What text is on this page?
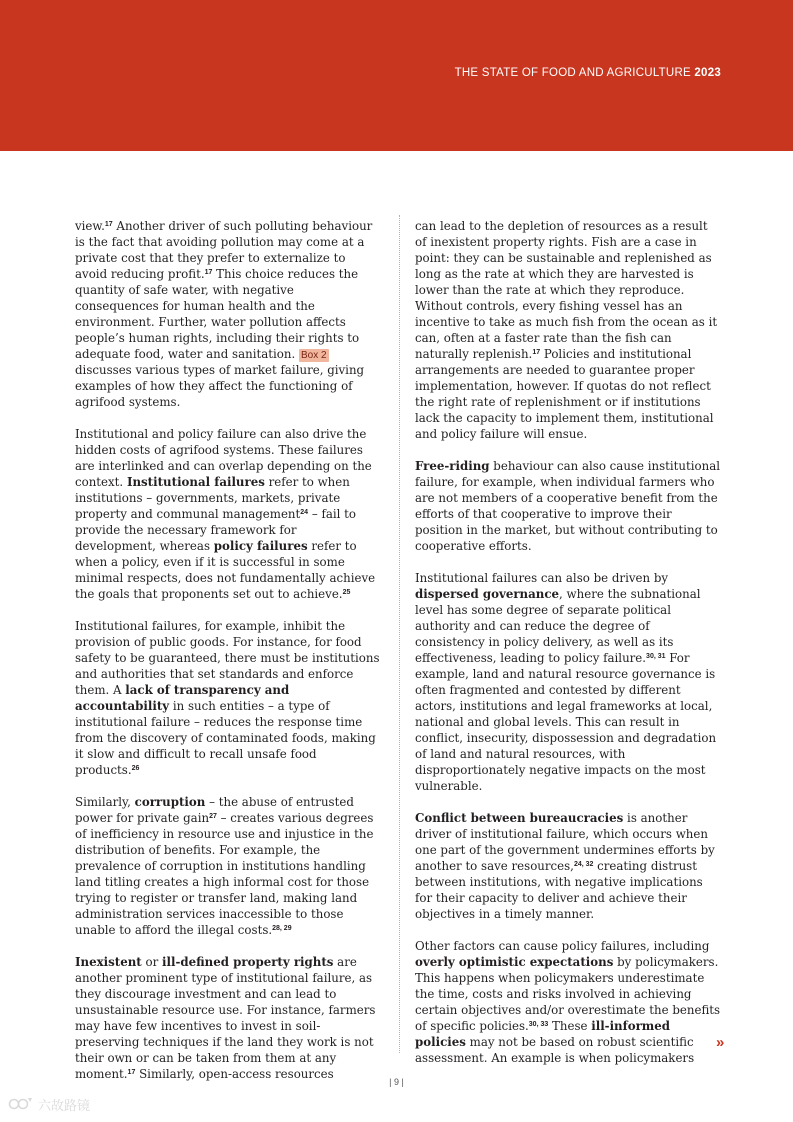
THE STATE OF FOOD AND AGRICULTURE 2023

view.$^{17}$ Another driver of such polluting behaviour is the fact that avoiding pollution may come at a private cost that they prefer to externalize to avoid reducing profit.$^{17}$ This choice reduces the quantity of safe water, with negative consequences for human health and the environment. Further, water pollution affects people’s human rights, including their rights to adequate food, water and sanitation. Box 2 discusses various types of market failure, giving examples of how they affect the functioning of agrifood systems.

Institutional and policy failure can also drive the hidden costs of agrifood systems. These failures are interlinked and can overlap depending on the context. Institutional failures refer to when institutions – governments, markets, private property and communal management$^{24}$ – fail to provide the necessary framework for development, whereas policy failures refer to when a policy, even if it is successful in some minimal respects, does not fundamentally achieve the goals that proponents set out to achieve.$^{25}$

Institutional failures, for example, inhibit the provision of public goods. For instance, for food safety to be guaranteed, there must be institutions and authorities that set standards and enforce them. A lack of transparency and accountability in such entities – a type of institutional failure – reduces the response time from the discovery of contaminated foods, making it slow and difficult to recall unsafe food products.$^{26}$

Similarly, corruption – the abuse of entrusted power for private gain$^{27}$ – creates various degrees of inefficiency in resource use and injustice in the distribution of benefits. For example, the prevalence of corruption in institutions handling land titling creates a high informal cost for those trying to register or transfer land, making land administration services inaccessible to those unable to afford the illegal costs.$^{28, 29}$

Inexistent or ill-defined property rights are another prominent type of institutional failure, as they discourage investment and can lead to unsustainable resource use. For instance, farmers may have few incentives to invest in soil-preserving techniques if the land they work is not their own or can be taken from them at any moment.$^{17}$ Similarly, open-access resources

can lead to the depletion of resources as a result of inexistent property rights. Fish are a case in point: they can be sustainable and replenished as long as the rate at which they are harvested is lower than the rate at which they reproduce. Without controls, every fishing vessel has an incentive to take as much fish from the ocean as it can, often at a faster rate than the fish can naturally replenish.$^{17}$ Policies and institutional arrangements are needed to guarantee proper implementation, however. If quotas do not reflect the right rate of replenishment or if institutions lack the capacity to implement them, institutional and policy failure will ensue.

Free-riding behaviour can also cause institutional failure, for example, when individual farmers who are not members of a cooperative benefit from the efforts of that cooperative to improve their position in the market, but without contributing to cooperative efforts.

Institutional failures can also be driven by dispersed governance, where the subnational level has some degree of separate political authority and can reduce the degree of consistency in policy delivery, as well as its effectiveness, leading to policy failure.$^{30, 31}$ For example, land and natural resource governance is often fragmented and contested by different actors, institutions and legal frameworks at local, national and global levels. This can result in conflict, insecurity, dispossession and degradation of land and natural resources, with disproportionately negative impacts on the most vulnerable.

Conflict between bureaucracies is another driver of institutional failure, which occurs when one part of the government undermines efforts by another to save resources,$^{24, 32}$ creating distrust between institutions, with negative implications for their capacity to deliver and achieve their objectives in a timely manner.

Other factors can cause policy failures, including overly optimistic expectations by policymakers. This happens when policymakers underestimate the time, costs and risks involved in achieving certain objectives and/or overestimate the benefits of specific policies.$^{30, 33}$ These ill-informed policies may not be based on robust scientific assessment. An example is when policymakers

»
| 9 |
六故路镜
